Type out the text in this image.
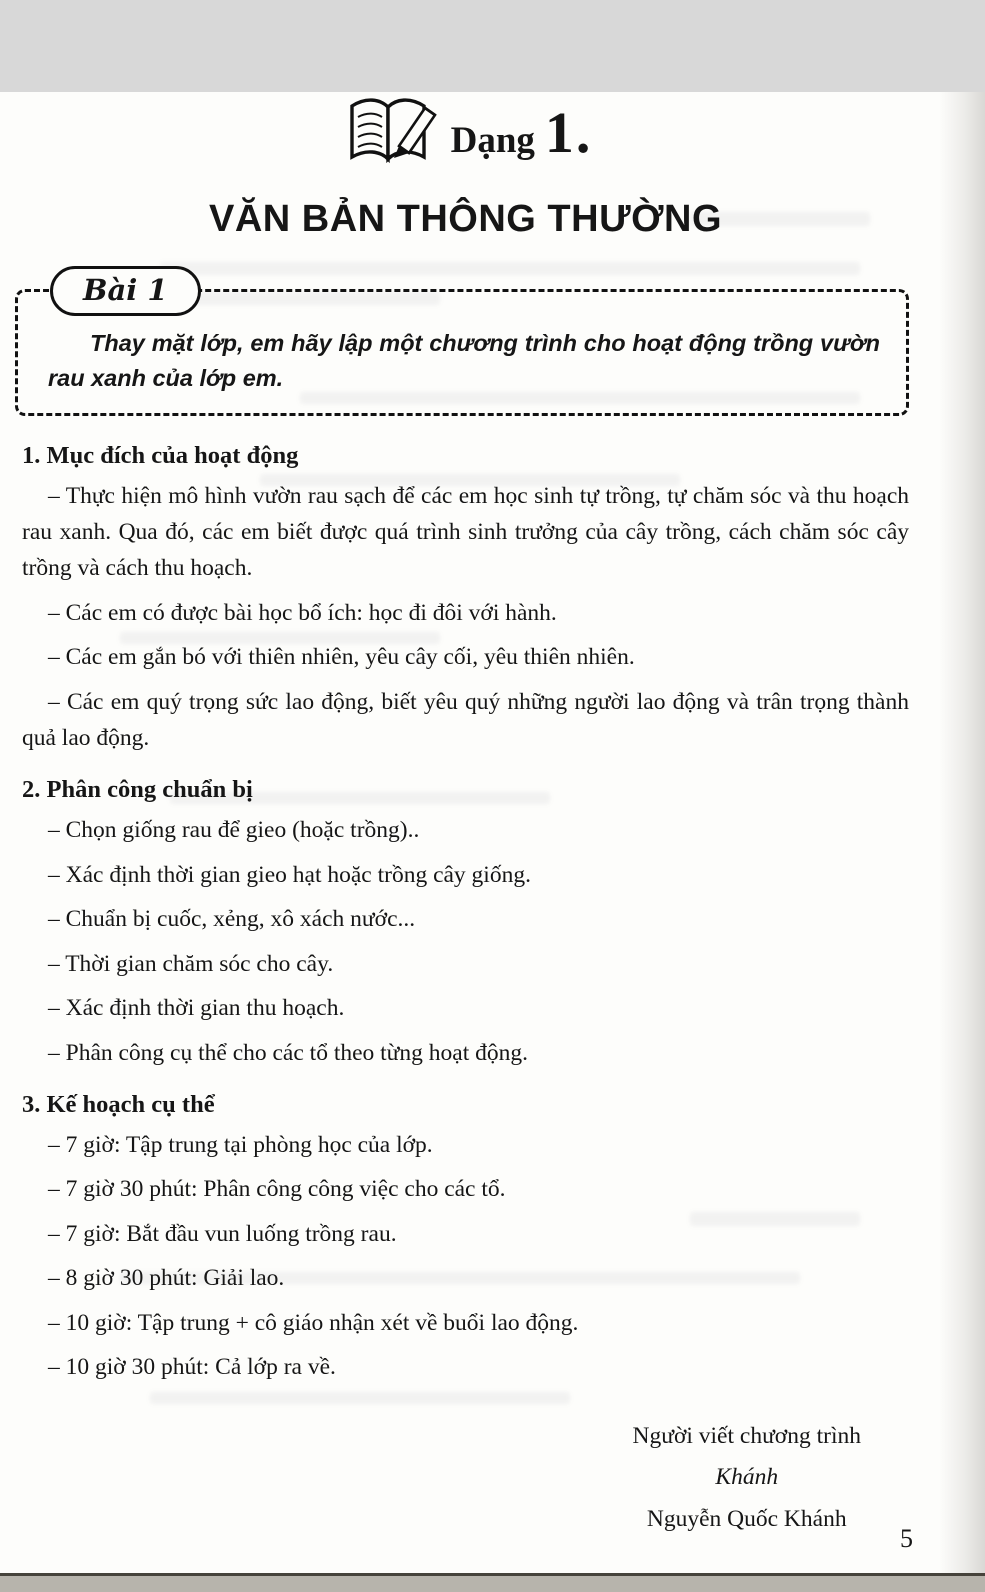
Dạng 1.
VĂN BẢN THÔNG THƯỜNG
Bài 1

Thay mặt lớp, em hãy lập một chương trình cho hoạt động trồng vườn rau xanh của lớp em.

1. Mục đích của hoạt động

– Thực hiện mô hình vườn rau sạch để các em học sinh tự trồng, tự chăm sóc và thu hoạch rau xanh. Qua đó, các em biết được quá trình sinh trưởng của cây trồng, cách chăm sóc cây trồng và cách thu hoạch.

– Các em có được bài học bổ ích: học đi đôi với hành.

– Các em gắn bó với thiên nhiên, yêu cây cối, yêu thiên nhiên.

– Các em quý trọng sức lao động, biết yêu quý những người lao động và trân trọng thành quả lao động.

2. Phân công chuẩn bị

– Chọn giống rau để gieo (hoặc trồng)..

– Xác định thời gian gieo hạt hoặc trồng cây giống.

– Chuẩn bị cuốc, xẻng, xô xách nước...

– Thời gian chăm sóc cho cây.

– Xác định thời gian thu hoạch.

– Phân công cụ thể cho các tổ theo từng hoạt động.

3. Kế hoạch cụ thể

– 7 giờ: Tập trung tại phòng học của lớp.

– 7 giờ 30 phút: Phân công công việc cho các tổ.

– 7 giờ: Bắt đầu vun luống trồng rau.

– 8 giờ 30 phút: Giải lao.

– 10 giờ: Tập trung + cô giáo nhận xét về buổi lao động.

– 10 giờ 30 phút: Cả lớp ra về.

Người viết chương trình
Khánh
Nguyễn Quốc Khánh
5
